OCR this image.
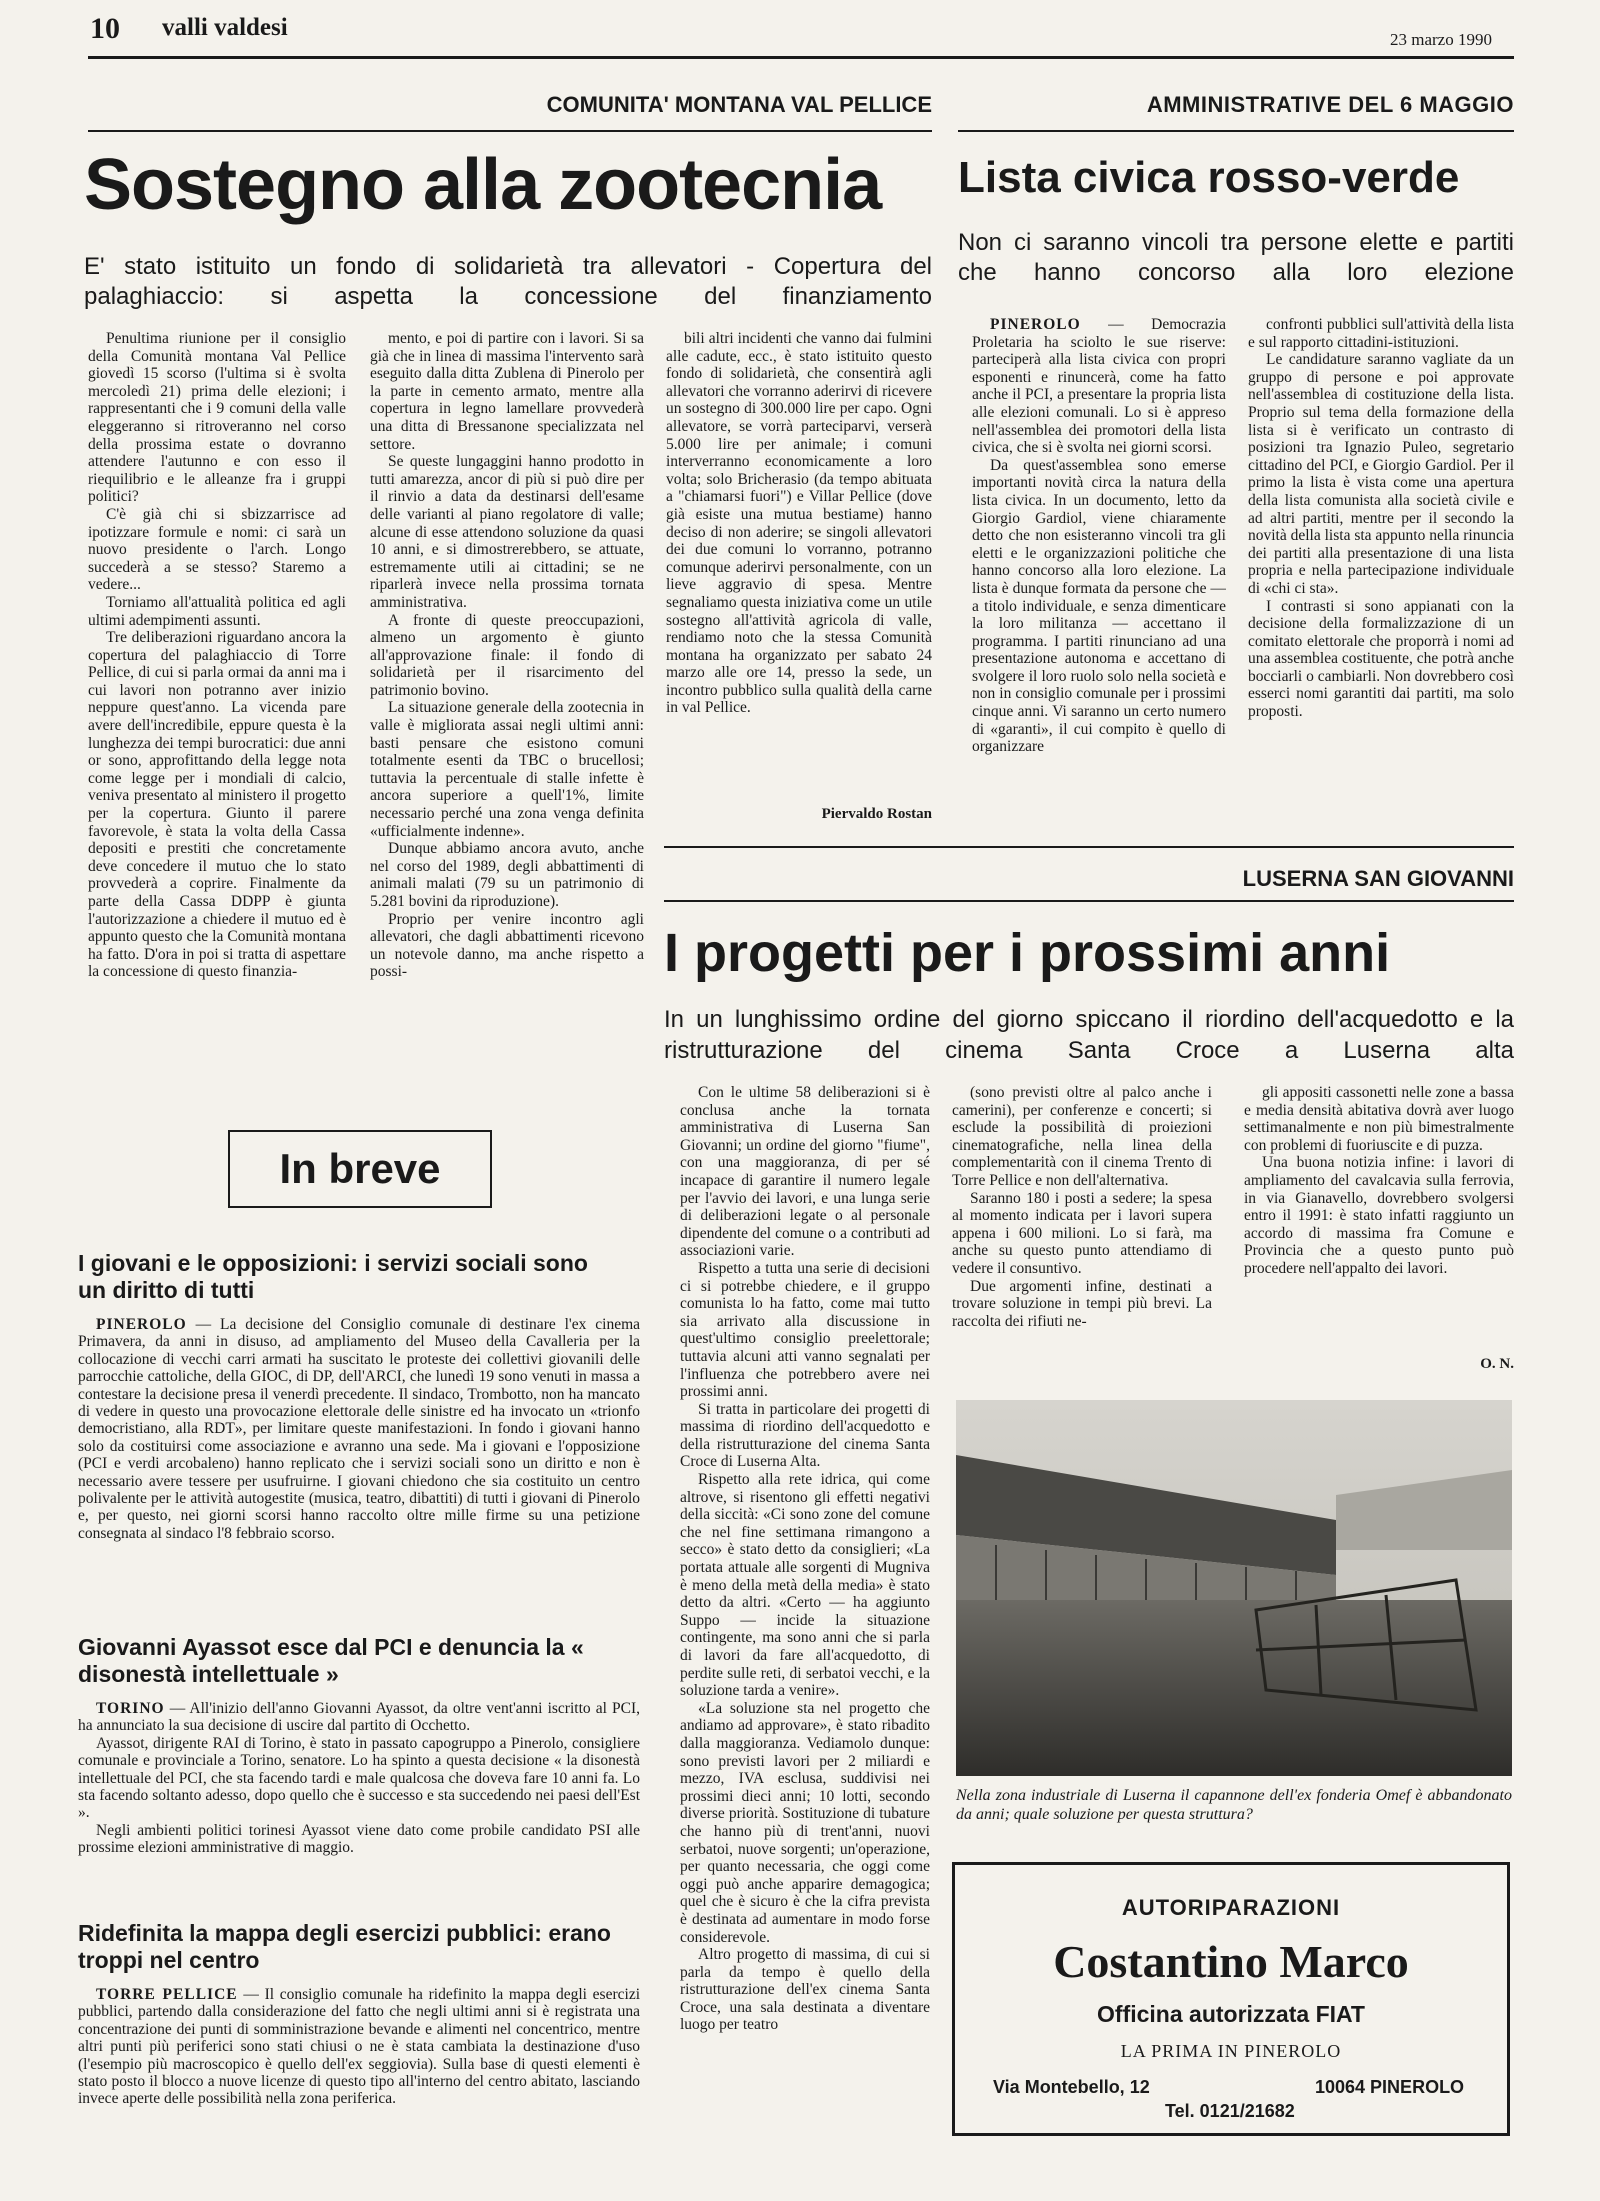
10 valli valdesi	23 marzo 1990
COMUNITA' MONTANA VAL PELLICE
Sostegno alla zootecnia
E' stato istituito un fondo di solidarietà tra allevatori - Copertura del palaghiaccio: si aspetta la concessione del finanziamento

Penultima riunione per il consiglio della Comunità montana Val Pellice giovedì 15 scorso (l'ultima si è svolta mercoledì 21) prima delle elezioni; i rappresentanti che i 9 comuni della valle eleggeranno si ritroveranno nel corso della prossima estate o dovranno attendere l'autunno e con esso il riequilibrio e le alleanze fra i gruppi politici?

C'è già chi si sbizzarrisce ad ipotizzare formule e nomi: ci sarà un nuovo presidente o l'arch. Longo succederà a se stesso? Staremo a vedere...

Torniamo all'attualità politica ed agli ultimi adempimenti assunti.

Tre deliberazioni riguardano ancora la copertura del palaghiaccio di Torre Pellice, di cui si parla ormai da anni ma i cui lavori non potranno aver inizio neppure quest'anno. La vicenda pare avere dell'incredibile, eppure questa è la lunghezza dei tempi burocratici: due anni or sono, approfittando della legge nota come legge per i mondiali di calcio, veniva presentato al ministero il progetto per la copertura. Giunto il parere favorevole, è stata la volta della Cassa depositi e prestiti che concretamente deve concedere il mutuo che lo stato provvederà a coprire. Finalmente da parte della Cassa DDPP è giunta l'autorizzazione a chiedere il mutuo ed è appunto questo che la Comunità montana ha fatto. D'ora in poi si tratta di aspettare la concessione di questo finanzia-

mento, e poi di partire con i lavori. Si sa già che in linea di massima l'intervento sarà eseguito dalla ditta Zublena di Pinerolo per la parte in cemento armato, mentre alla copertura in legno lamellare provvederà una ditta di Bressanone specializzata nel settore.

Se queste lungaggini hanno prodotto in tutti amarezza, ancor di più si può dire per il rinvio a data da destinarsi dell'esame delle varianti al piano regolatore di valle; alcune di esse attendono soluzione da quasi 10 anni, e si dimostrerebbero, se attuate, estremamente utili ai cittadini; se ne riparlerà invece nella prossima tornata amministrativa.

A fronte di queste preoccupazioni, almeno un argomento è giunto all'approvazione finale: il fondo di solidarietà per il risarcimento del patrimonio bovino.

La situazione generale della zootecnia in valle è migliorata assai negli ultimi anni: basti pensare che esistono comuni totalmente esenti da TBC o brucellosi; tuttavia la percentuale di stalle infette è ancora superiore a quell'1%, limite necessario perché una zona venga definita «ufficialmente indenne».

Dunque abbiamo ancora avuto, anche nel corso del 1989, degli abbattimenti di animali malati (79 su un patrimonio di 5.281 bovini da riproduzione).

Proprio per venire incontro agli allevatori, che dagli abbattimenti ricevono un notevole danno, ma anche rispetto a possi-

bili altri incidenti che vanno dai fulmini alle cadute, ecc., è stato istituito questo fondo di solidarietà, che consentirà agli allevatori che vorranno aderirvi di ricevere un sostegno di 300.000 lire per capo. Ogni allevatore, se vorrà parteciparvi, verserà 5.000 lire per animale; i comuni interverranno economicamente a loro volta; solo Bricherasio (da tempo abituata a "chiamarsi fuori") e Villar Pellice (dove già esiste una mutua bestiame) hanno deciso di non aderire; se singoli allevatori dei due comuni lo vorranno, potranno comunque aderirvi personalmente, con un lieve aggravio di spesa. Mentre segnaliamo questa iniziativa come un utile sostegno all'attività agricola di valle, rendiamo noto che la stessa Comunità montana ha organizzato per sabato 24 marzo alle ore 14, presso la sede, un incontro pubblico sulla qualità della carne in val Pellice.

Piervaldo Rostan
AMMINISTRATIVE DEL 6 MAGGIO
Lista civica rosso-verde
Non ci saranno vincoli tra persone elette e partiti che hanno concorso alla loro elezione

PINEROLO — Democrazia Proletaria ha sciolto le sue riserve: parteciperà alla lista civica con propri esponenti e rinuncerà, come ha fatto anche il PCI, a presentare la propria lista alle elezioni comunali. Lo si è appreso nell'assemblea dei promotori della lista civica, che si è svolta nei giorni scorsi.

Da quest'assemblea sono emerse importanti novità circa la natura della lista civica. In un documento, letto da Giorgio Gardiol, viene chiaramente detto che non esisteranno vincoli tra gli eletti e le organizzazioni politiche che hanno concorso alla loro elezione. La lista è dunque formata da persone che — a titolo individuale, e senza dimenticare la loro militanza — accettano il programma. I partiti rinunciano ad una presentazione autonoma e accettano di svolgere il loro ruolo solo nella società e non in consiglio comunale per i prossimi cinque anni. Vi saranno un certo numero di «garanti», il cui compito è quello di organizzare

confronti pubblici sull'attività della lista e sul rapporto cittadini-istituzioni.

Le candidature saranno vagliate da un gruppo di persone e poi approvate nell'assemblea di costituzione della lista. Proprio sul tema della formazione della lista si è verificato un contrasto di posizioni tra Ignazio Puleo, segretario cittadino del PCI, e Giorgio Gardiol. Per il primo la lista è vista come una apertura della lista comunista alla società civile e ad altri partiti, mentre per il secondo la novità della lista sta appunto nella rinuncia dei partiti alla presentazione di una lista propria e nella partecipazione individuale di «chi ci sta».

I contrasti si sono appianati con la decisione della formalizzazione di un comitato elettorale che proporrà i nomi ad una assemblea costituente, che potrà anche bocciarli o cambiarli. Non dovrebbero così esserci nomi garantiti dai partiti, ma solo proposti.

LUSERNA SAN GIOVANNI
I progetti per i prossimi anni
In un lunghissimo ordine del giorno spiccano il riordino dell'acquedotto e la ristrutturazione del cinema Santa Croce a Luserna alta

Con le ultime 58 deliberazioni si è conclusa anche la tornata amministrativa di Luserna San Giovanni; un ordine del giorno "fiume", con una maggioranza, di per sé incapace di garantire il numero legale per l'avvio dei lavori, e una lunga serie di deliberazioni legate o al personale dipendente del comune o a contributi ad associazioni varie.

Rispetto a tutta una serie di decisioni ci si potrebbe chiedere, e il gruppo comunista lo ha fatto, come mai tutto sia arrivato alla discussione in quest'ultimo consiglio preelettorale; tuttavia alcuni atti vanno segnalati per l'influenza che potrebbero avere nei prossimi anni.

Si tratta in particolare dei progetti di massima di riordino dell'acquedotto e della ristrutturazione del cinema Santa Croce di Luserna Alta.

Rispetto alla rete idrica, qui come altrove, si risentono gli effetti negativi della siccità: «Ci sono zone del comune che nel fine settimana rimangono a secco» è stato detto da consiglieri; «La portata attuale alle sorgenti di Mugniva è meno della metà della media» è stato detto da altri. «Certo — ha aggiunto Suppo — incide la situazione contingente, ma sono anni che si parla di lavori da fare all'acquedotto, di perdite sulle reti, di serbatoi vecchi, e la soluzione tarda a venire».

«La soluzione sta nel progetto che andiamo ad approvare», è stato ribadito dalla maggioranza. Vediamolo dunque: sono previsti lavori per 2 miliardi e mezzo, IVA esclusa, suddivisi nei prossimi dieci anni; 10 lotti, secondo diverse priorità. Sostituzione di tubature che hanno più di trent'anni, nuovi serbatoi, nuove sorgenti; un'operazione, per quanto necessaria, che oggi come oggi può anche apparire demagogica; quel che è sicuro è che la cifra prevista è destinata ad aumentare in modo forse considerevole.

Altro progetto di massima, di cui si parla da tempo è quello della ristrutturazione dell'ex cinema Santa Croce, una sala destinata a diventare luogo per teatro

(sono previsti oltre al palco anche i camerini), per conferenze e concerti; si esclude la possibilità di proiezioni cinematografiche, nella linea della complementarità con il cinema Trento di Torre Pellice e non dell'alternativa.

Saranno 180 i posti a sedere; la spesa al momento indicata per i lavori supera appena i 600 milioni. Lo si farà, ma anche su questo punto attendiamo di vedere il consuntivo.

Due argomenti infine, destinati a trovare soluzione in tempi più brevi. La raccolta dei rifiuti ne-

gli appositi cassonetti nelle zone a bassa e media densità abitativa dovrà aver luogo settimanalmente e non più bimestralmente con problemi di fuoriuscite e di puzza.

Una buona notizia infine: i lavori di ampliamento del cavalcavia sulla ferrovia, in via Gianavello, dovrebbero svolgersi entro il 1991: è stato infatti raggiunto un accordo di massima fra Comune e Provincia che a questo punto può procedere nell'appalto dei lavori.

O. N.
Nella zona industriale di Luserna il capannone dell'ex fonderia Omef è abbandonato da anni; quale soluzione per questa struttura?
AUTORIPARAZIONI
Costantino Marco
Officina autorizzata FIAT
LA PRIMA IN PINEROLO
Via Montebello, 12	10064 PINEROLO
Tel. 0121/21682
In breve
I giovani e le opposizioni: i servizi sociali sono un diritto di tutti

PINEROLO — La decisione del Consiglio comunale di destinare l'ex cinema Primavera, da anni in disuso, ad ampliamento del Museo della Cavalleria per la collocazione di vecchi carri armati ha suscitato le proteste dei collettivi giovanili delle parrocchie cattoliche, della GIOC, di DP, dell'ARCI, che lunedì 19 sono venuti in massa a contestare la decisione presa il venerdì precedente. Il sindaco, Trombotto, non ha mancato di vedere in questo una provocazione elettorale delle sinistre ed ha invocato un «trionfo democristiano, alla RDT», per limitare queste manifestazioni. In fondo i giovani hanno solo da costituirsi come associazione e avranno una sede. Ma i giovani e l'opposizione (PCI e verdi arcobaleno) hanno replicato che i servizi sociali sono un diritto e non è necessario avere tessere per usufruirne. I giovani chiedono che sia costituito un centro polivalente per le attività autogestite (musica, teatro, dibattiti) di tutti i giovani di Pinerolo e, per questo, nei giorni scorsi hanno raccolto oltre mille firme su una petizione consegnata al sindaco l'8 febbraio scorso.

Giovanni Ayassot esce dal PCI e denuncia la « disonestà intellettuale »

TORINO — All'inizio dell'anno Giovanni Ayassot, da oltre vent'anni iscritto al PCI, ha annunciato la sua decisione di uscire dal partito di Occhetto.

Ayassot, dirigente RAI di Torino, è stato in passato capogruppo a Pinerolo, consigliere comunale e provinciale a Torino, senatore. Lo ha spinto a questa decisione « la disonestà intellettuale del PCI, che sta facendo tardi e male qualcosa che doveva fare 10 anni fa. Lo sta facendo soltanto adesso, dopo quello che è successo e sta succedendo nei paesi dell'Est ».

Negli ambienti politici torinesi Ayassot viene dato come probile candidato PSI alle prossime elezioni amministrative di maggio.

Ridefinita la mappa degli esercizi pubblici: erano troppi nel centro

TORRE PELLICE — Il consiglio comunale ha ridefinito la mappa degli esercizi pubblici, partendo dalla considerazione del fatto che negli ultimi anni si è registrata una concentrazione dei punti di somministrazione bevande e alimenti nel concentrico, mentre altri punti più periferici sono stati chiusi o ne è stata cambiata la destinazione d'uso (l'esempio più macroscopico è quello dell'ex seggiovia). Sulla base di questi elementi è stato posto il blocco a nuove licenze di questo tipo all'interno del centro abitato, lasciando invece aperte delle possibilità nella zona periferica.
